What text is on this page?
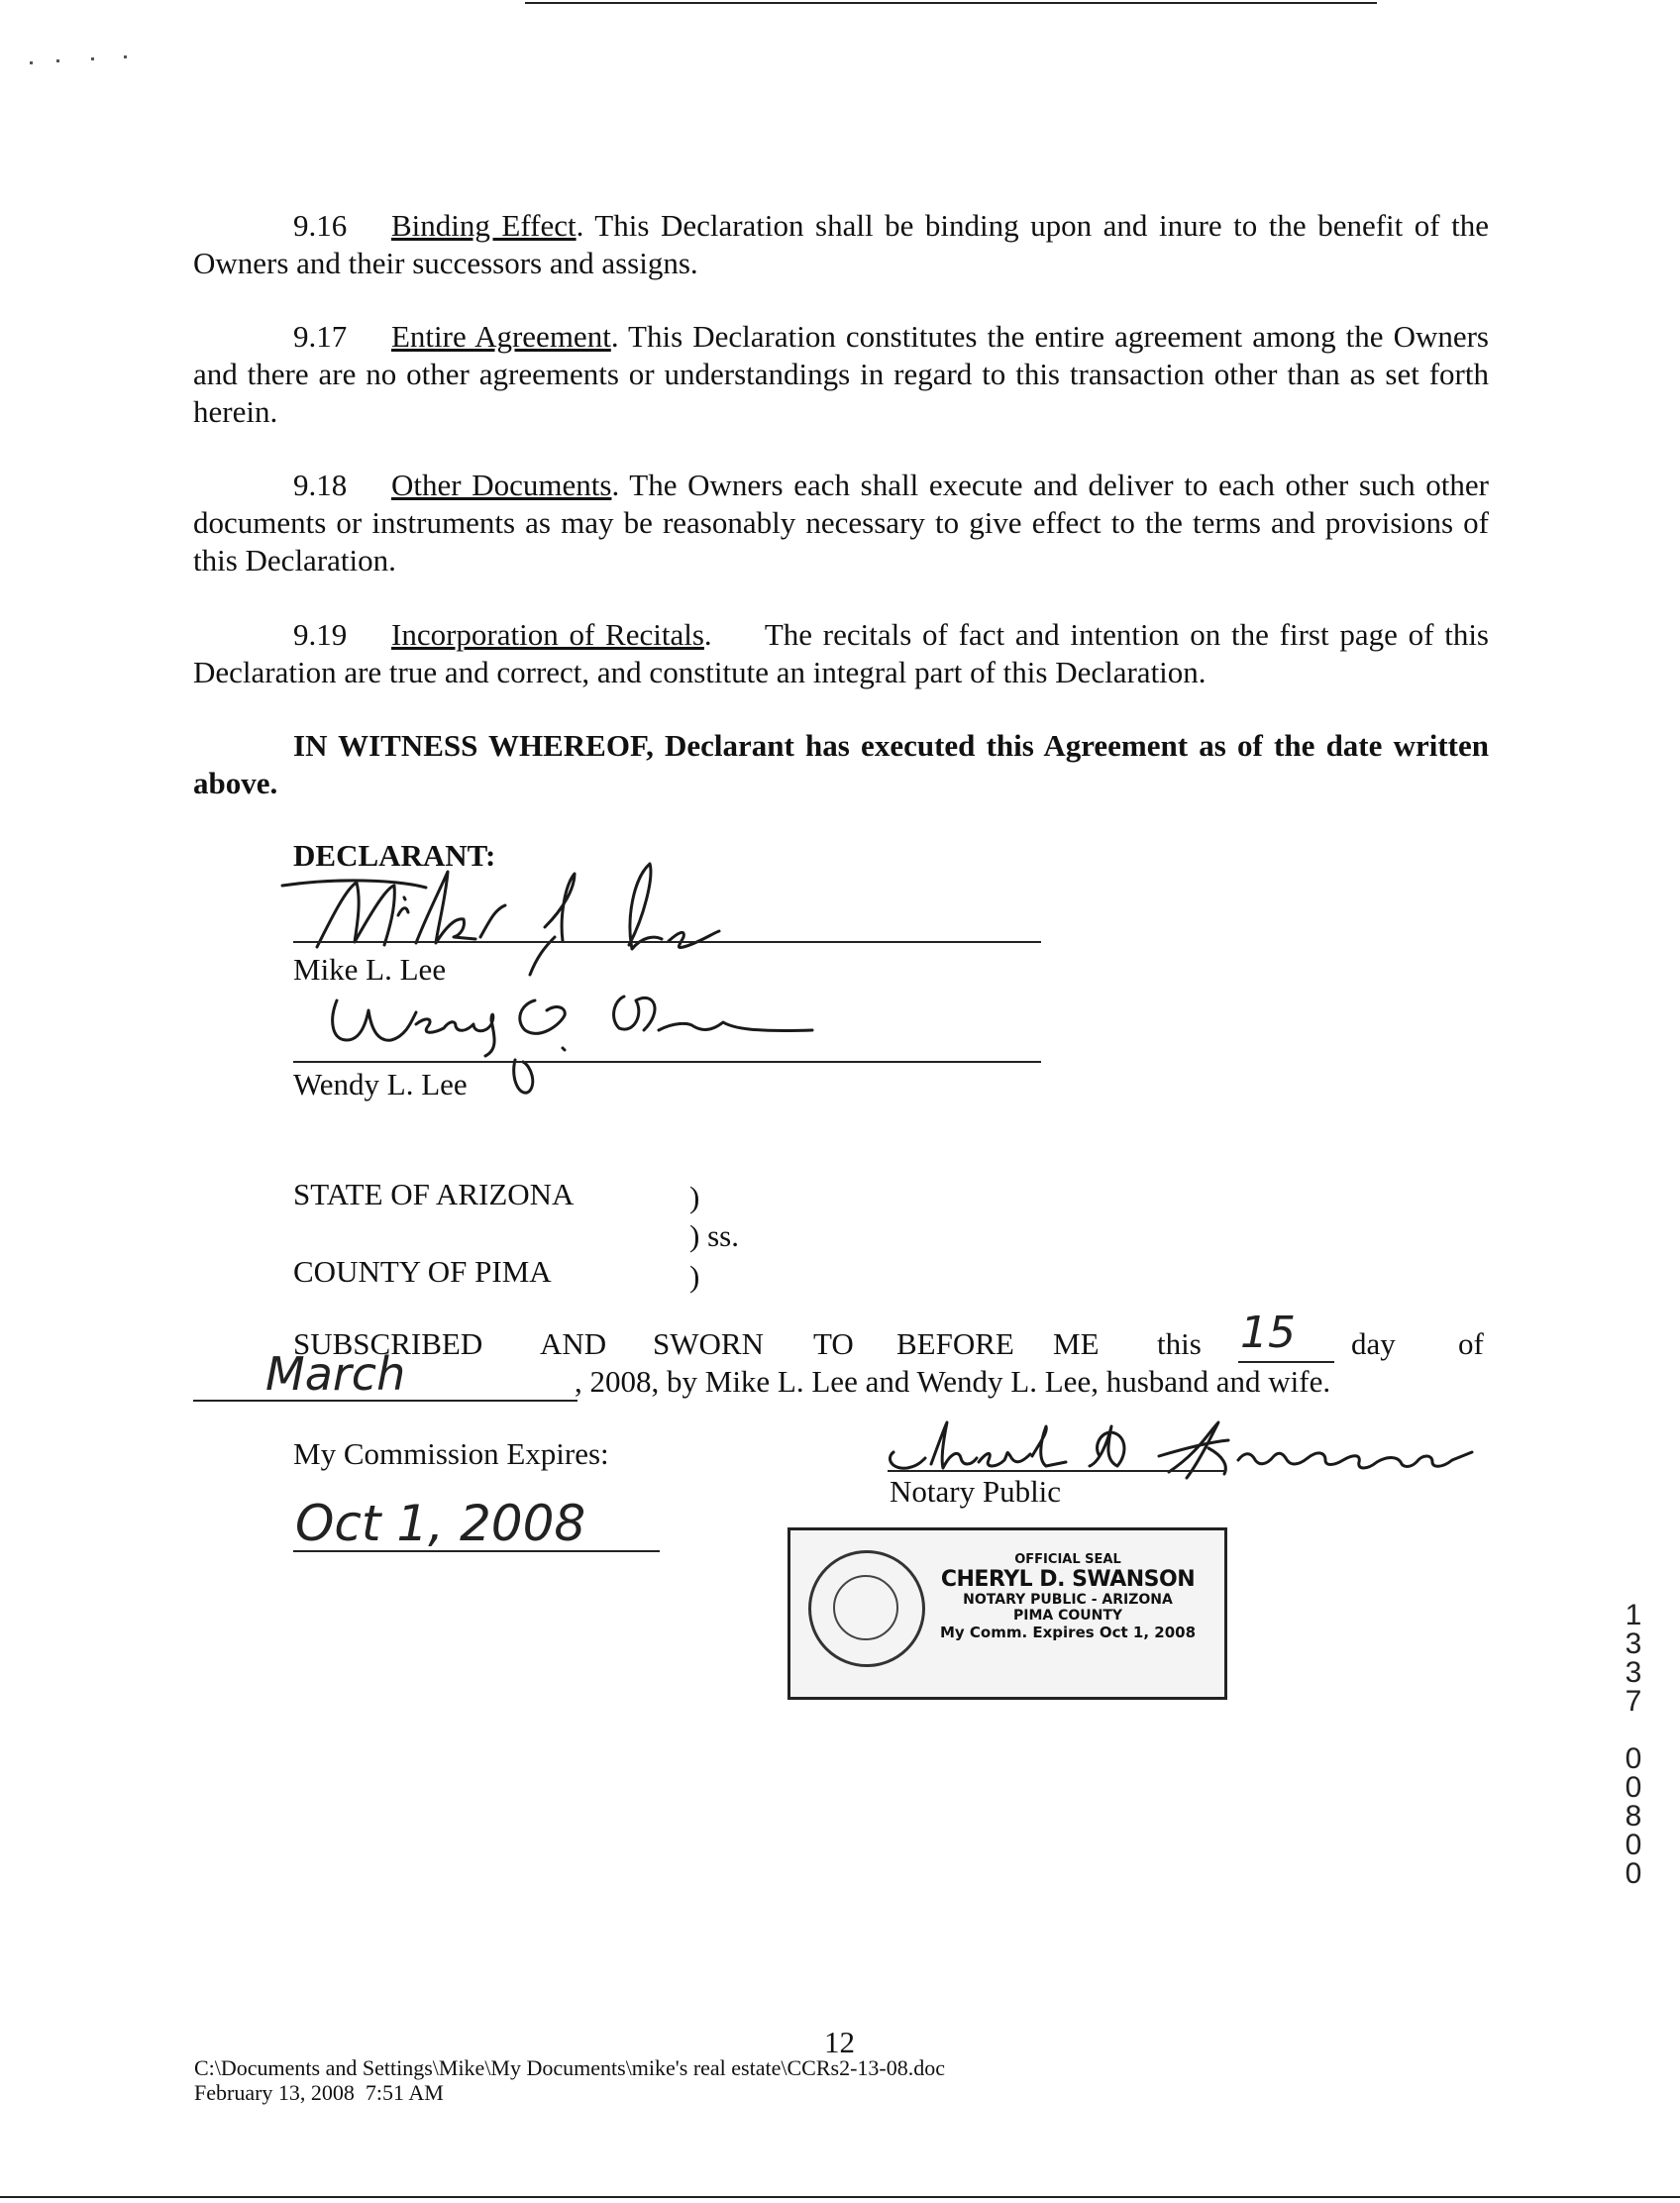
9.16 Binding Effect. This Declaration shall be binding upon and inure to the benefit of the Owners and their successors and assigns.
9.17 Entire Agreement. This Declaration constitutes the entire agreement among the Owners and there are no other agreements or understandings in regard to this transaction other than as set forth herein.
9.18 Other Documents. The Owners each shall execute and deliver to each other such other documents or instruments as may be reasonably necessary to give effect to the terms and provisions of this Declaration.
9.19 Incorporation of Recitals.     The recitals of fact and intention on the first page of this Declaration are true and correct, and constitute an integral part of this Declaration.
IN WITNESS WHEREOF, Declarant has executed this Agreement as of the date written above.
DECLARANT:
Mike L. Lee
Wendy L. Lee
STATE OF ARIZONA	)
) ss.
COUNTY OF PIMA	)
SUBSCRIBED AND SWORN TO BEFORE ME this 15 day of
March	, 2008, by Mike L. Lee and Wendy L. Lee, husband and wife.
My Commission Expires:
Oct 1, 2008
Notary Public
OFFICIAL SEAL
CHERYL D. SWANSON
NOTARY PUBLIC - ARIZONA
PIMA COUNTY
My Comm. Expires Oct 1, 2008
1
3
3
7
0
0
8
0
0
12
C:\Documents and Settings\Mike\My Documents\mike's real estate\CCRs2-13-08.doc
February 13, 2008  7:51 AM
